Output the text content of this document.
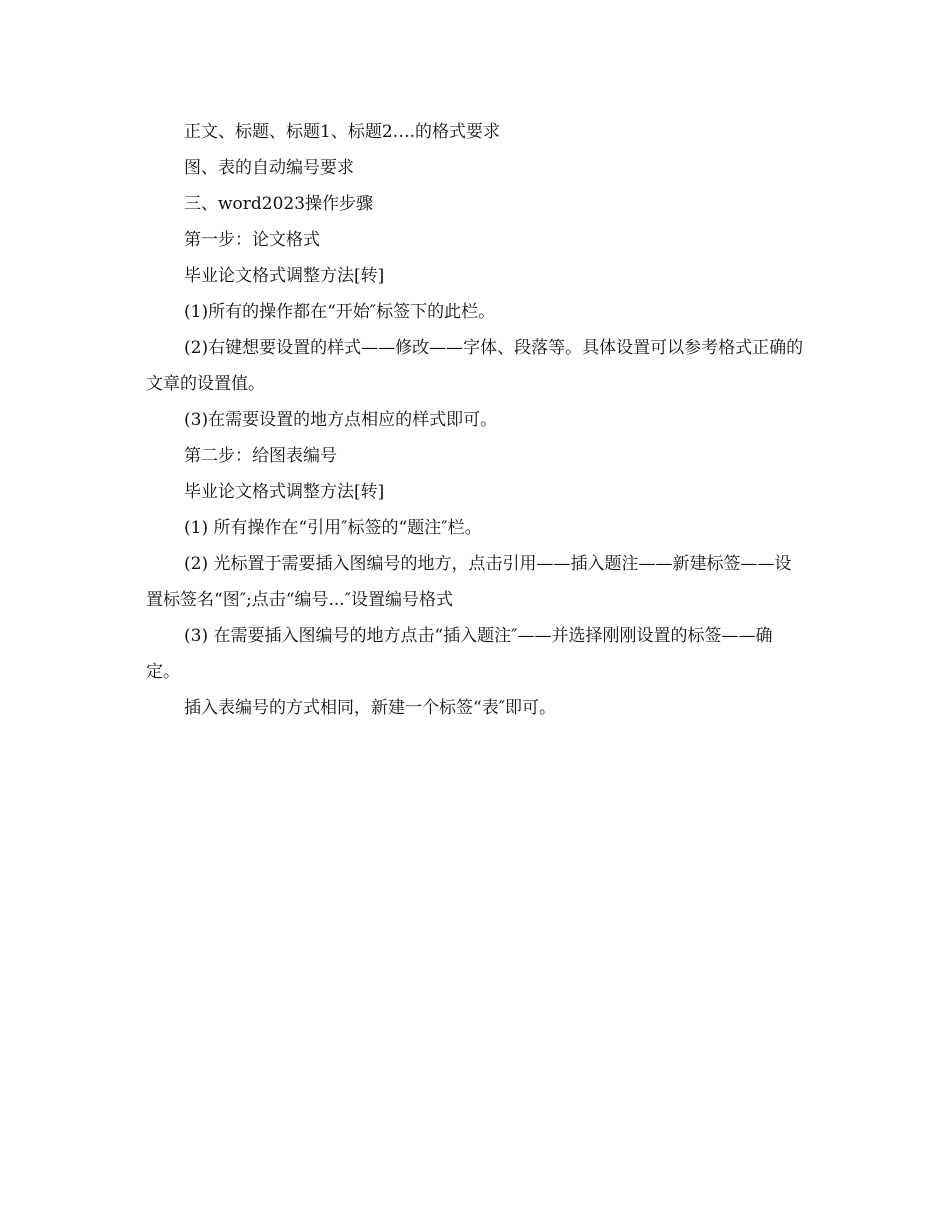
正文、标题、标题1、标题2….的格式要求

图、表的自动编号要求

三、word2023操作步骤

第一步：论文格式

毕业论文格式调整方法[转]

(1)所有的操作都在“开始″标签下的此栏。

(2)右键想要设置的样式——修改——字体、段落等。具体设置可以参考格式正确的文章的设置值。

(3)在需要设置的地方点相应的样式即可。

第二步：给图表编号

毕业论文格式调整方法[转]

(1) 所有操作在“引用″标签的“题注″栏。

(2) 光标置于需要插入图编号的地方，点击引用——插入题注——新建标签——设置标签名“图″;点击“编号...″设置编号格式

(3) 在需要插入图编号的地方点击“插入题注″——并选择刚刚设置的标签——确定。

插入表编号的方式相同，新建一个标签“表″即可。
